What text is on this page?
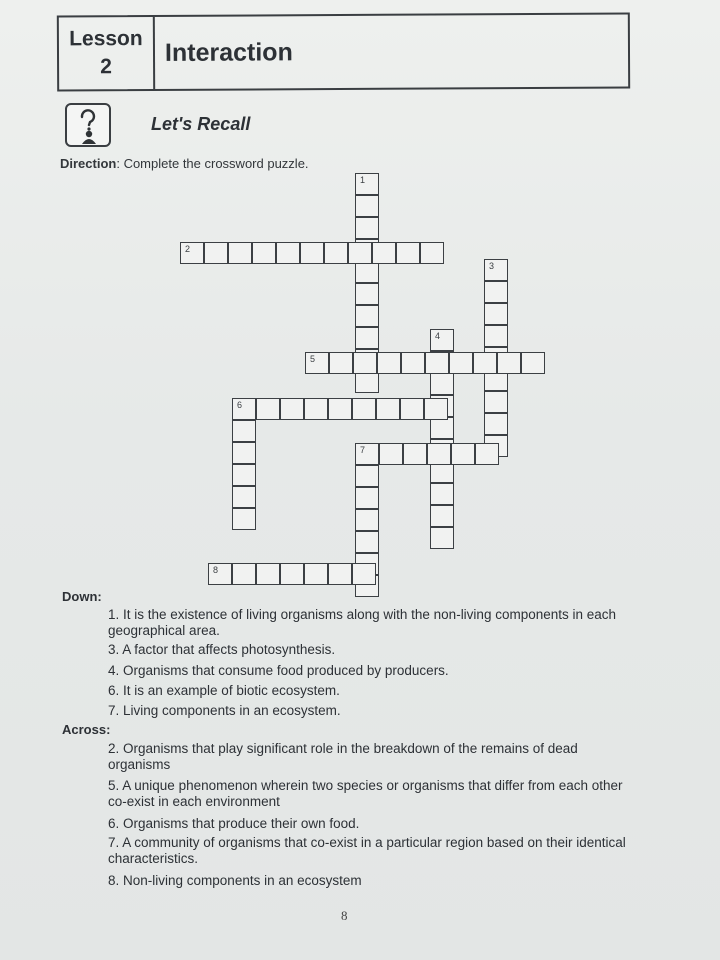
Lesson
2 Interaction
Let's Recall
Direction: Complete the crossword puzzle.
1
2
3
4
5
6
7
8
Down:
1. It is the existence of living organisms along with the non-living components in each geographical area.
3. A factor that affects photosynthesis.
4. Organisms that consume food produced by producers.
6. It is an example of biotic ecosystem.
7. Living components in an ecosystem.
Across:
2. Organisms that play significant role in the breakdown of the remains of dead organisms
5. A unique phenomenon wherein two species or organisms that differ from each other co-exist in each environment
6. Organisms that produce their own food.
7. A community of organisms that co-exist in a particular region based on their identical characteristics.
8. Non-living components in an ecosystem
8
